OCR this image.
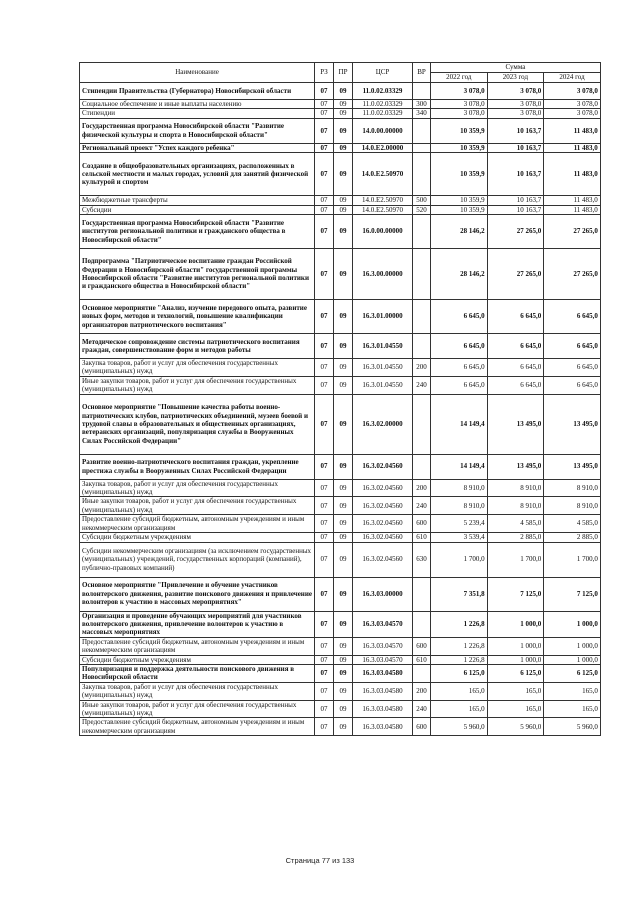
Наименование	РЗ	ПР	ЦСР	ВР	Сумма		
					2022 год	2023 год	2024 год
Стипендии Правительства (Губернатора) Новосибирской области	07	09	11.0.02.03329		3 078,0	3 078,0	3 078,0
Социальное обеспечение и иные выплаты населению	07	09	11.0.02.03329	300	3 078,0	3 078,0	3 078,0
Стипендии	07	09	11.0.02.03329	340	3 078,0	3 078,0	3 078,0
Государственная программа Новосибирской области "Развитие физической культуры и спорта в Новосибирской области"	07	09	14.0.00.00000		10 359,9	10 163,7	11 483,0
Региональный проект "Успех каждого ребенка"	07	09	14.0.E2.00000		10 359,9	10 163,7	11 483,0
Создание в общеобразовательных организациях, расположенных в сельской местности и малых городах, условий для занятий физической культурой и спортом	07	09	14.0.E2.50970		10 359,9	10 163,7	11 483,0
Межбюджетные трансферты	07	09	14.0.E2.50970	500	10 359,9	10 163,7	11 483,0
Субсидии	07	09	14.0.E2.50970	520	10 359,9	10 163,7	11 483,0
Государственная программа Новосибирской области "Развитие институтов региональной политики и гражданского общества в Новосибирской области"	07	09	16.0.00.00000		28 146,2	27 265,0	27 265,0
Подпрограмма "Патриотическое воспитание граждан Российской Федерации в Новосибирской области" государственной программы Новосибирской области "Развитие институтов региональной политики и гражданского общества в Новосибирской области"	07	09	16.3.00.00000		28 146,2	27 265,0	27 265,0
Основное мероприятие "Анализ, изучение передового опыта, развитие новых форм, методов и технологий, повышение квалификации организаторов патриотического воспитания"	07	09	16.3.01.00000		6 645,0	6 645,0	6 645,0
Методическое сопровождение системы патриотического воспитания граждан, совершенствование форм и методов работы	07	09	16.3.01.04550		6 645,0	6 645,0	6 645,0
Закупка товаров, работ и услуг для обеспечения государственных (муниципальных) нужд	07	09	16.3.01.04550	200	6 645,0	6 645,0	6 645,0
Иные закупки товаров, работ и услуг для обеспечения государственных (муниципальных) нужд	07	09	16.3.01.04550	240	6 645,0	6 645,0	6 645,0
Основное мероприятие "Повышение качества работы военно-патриотических клубов, патриотических объединений, музеев боевой и трудовой славы в образовательных и общественных организациях, ветеранских организаций, популяризация службы в Вооруженных Силах Российской Федерации"	07	09	16.3.02.00000		14 149,4	13 495,0	13 495,0
Развитие военно-патриотического воспитания граждан, укрепление престижа службы в Вооруженных Силах Российской Федерации	07	09	16.3.02.04560		14 149,4	13 495,0	13 495,0
Закупка товаров, работ и услуг для обеспечения государственных (муниципальных) нужд	07	09	16.3.02.04560	200	8 910,0	8 910,0	8 910,0
Иные закупки товаров, работ и услуг для обеспечения государственных (муниципальных) нужд	07	09	16.3.02.04560	240	8 910,0	8 910,0	8 910,0
Предоставление субсидий бюджетным, автономным учреждениям и иным некоммерческим организациям	07	09	16.3.02.04560	600	5 239,4	4 585,0	4 585,0
Субсидии бюджетным учреждениям	07	09	16.3.02.04560	610	3 539,4	2 885,0	2 885,0
Субсидии некоммерческим организациям (за исключением государственных (муниципальных) учреждений, государственных корпораций (компаний), публично-правовых компаний)	07	09	16.3.02.04560	630	1 700,0	1 700,0	1 700,0
Основное мероприятие "Привлечение и обучение участников волонтерского движения, развитие поискового движения и привлечение волонтеров к участию в массовых мероприятиях"	07	09	16.3.03.00000		7 351,8	7 125,0	7 125,0
Организация и проведение обучающих мероприятий для участников волонтерского движения, привлечение волонтеров к участию в массовых мероприятиях	07	09	16.3.03.04570		1 226,8	1 000,0	1 000,0
Предоставление субсидий бюджетным, автономным учреждениям и иным некоммерческим организациям	07	09	16.3.03.04570	600	1 226,8	1 000,0	1 000,0
Субсидии бюджетным учреждениям	07	09	16.3.03.04570	610	1 226,8	1 000,0	1 000,0
Популяризация и поддержка деятельности поискового движения в Новосибирской области	07	09	16.3.03.04580		6 125,0	6 125,0	6 125,0
Закупка товаров, работ и услуг для обеспечения государственных (муниципальных) нужд	07	09	16.3.03.04580	200	165,0	165,0	165,0
Иные закупки товаров, работ и услуг для обеспечения государственных (муниципальных) нужд	07	09	16.3.03.04580	240	165,0	165,0	165,0
Предоставление субсидий бюджетным, автономным учреждениям и иным некоммерческим организациям	07	09	16.3.03.04580	600	5 960,0	5 960,0	5 960,0
Страница 77 из 133
